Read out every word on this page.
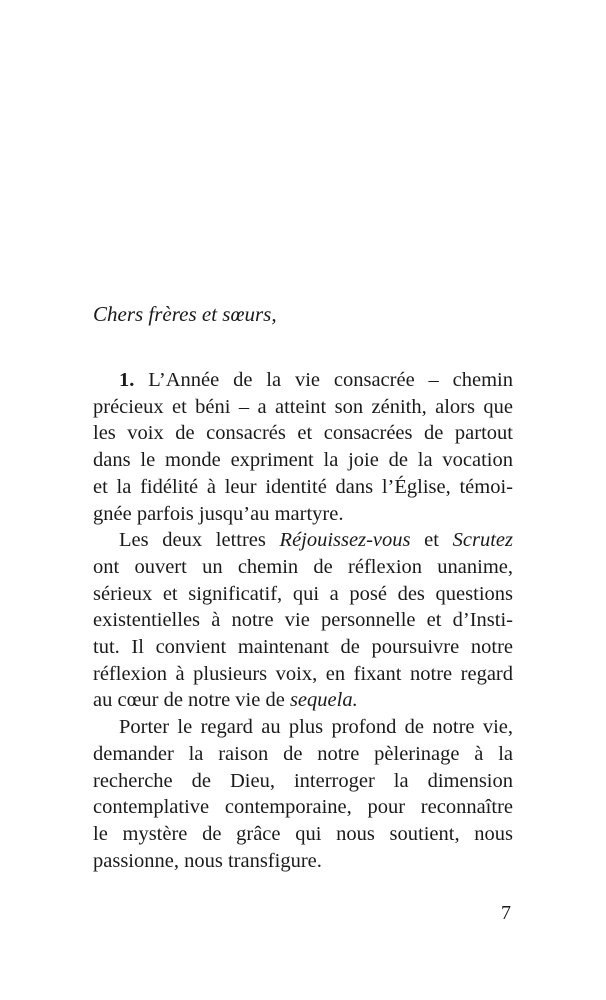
Chers frères et sœurs,
1. L’Année de la vie consacrée – chemin
précieux et béni – a atteint son zénith, alors que
les voix de consacrés et consacrées de partout
dans le monde expriment la joie de la vocation
et la fidélité à leur identité dans l’Église, témoi-
gnée parfois jusqu’au martyre.
Les deux lettres Réjouissez-vous et Scrutez
ont ouvert un chemin de réflexion unanime,
sérieux et significatif, qui a posé des questions
existentielles à notre vie personnelle et d’Insti-
tut. Il convient maintenant de poursuivre notre
réflexion à plusieurs voix, en fixant notre regard
au cœur de notre vie de sequela.
Porter le regard au plus profond de notre vie,
demander la raison de notre pèlerinage à la
recherche de Dieu, interroger la dimension
contemplative contemporaine, pour reconnaître
le mystère de grâce qui nous soutient, nous
passionne, nous transfigure.
7
